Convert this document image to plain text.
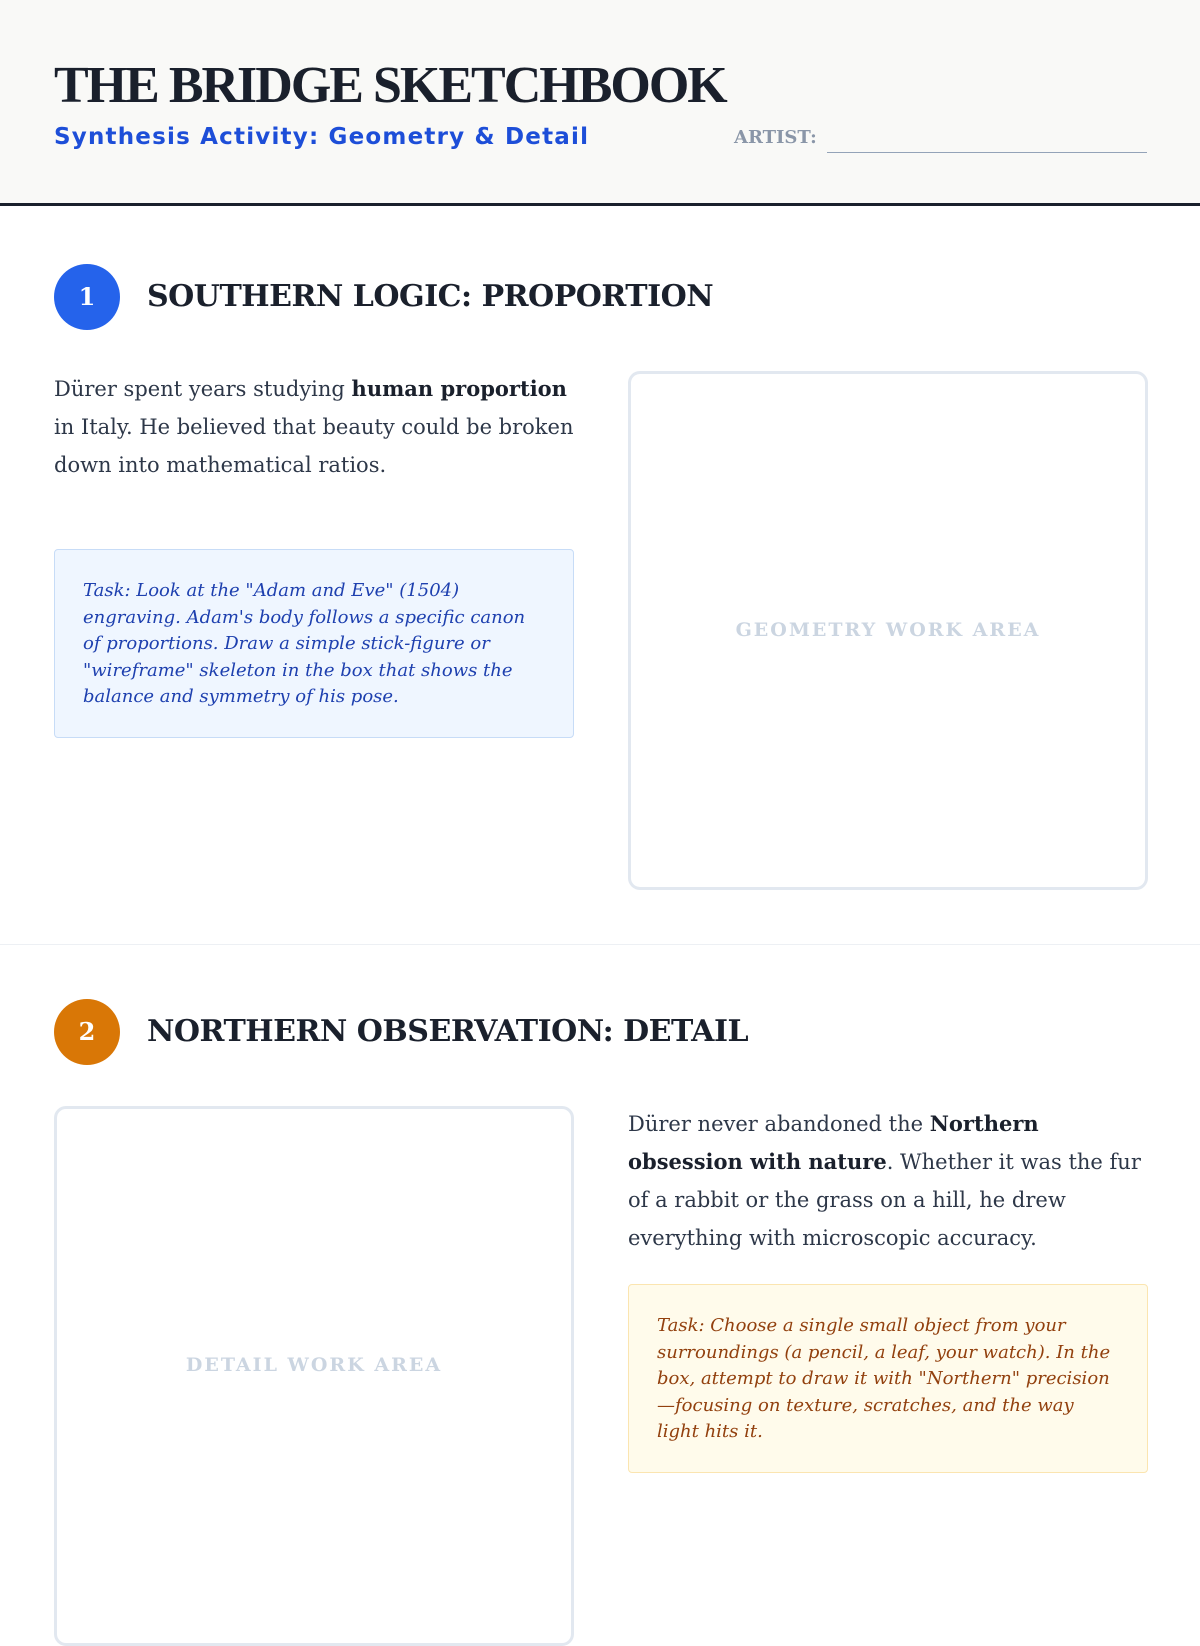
THE BRIDGE SKETCHBOOK
Synthesis Activity: Geometry & Detail	ARTIST:
1	SOUTHERN LOGIC: PROPORTION
Dürer spent years studying human proportion in Italy. He believed that beauty could be broken down into mathematical ratios.
Task: Look at the "Adam and Eve" (1504) engraving. Adam's body follows a specific canon of proportions. Draw a simple stick-figure or "wireframe" skeleton in the box that shows the balance and symmetry of his pose.
GEOMETRY WORK AREA
2	NORTHERN OBSERVATION: DETAIL
DETAIL WORK AREA
Dürer never abandoned the Northern obsession with nature. Whether it was the fur of a rabbit or the grass on a hill, he drew everything with microscopic accuracy.
Task: Choose a single small object from your surroundings (a pencil, a leaf, your watch). In the box, attempt to draw it with "Northern" precision—focusing on texture, scratches, and the way light hits it.
